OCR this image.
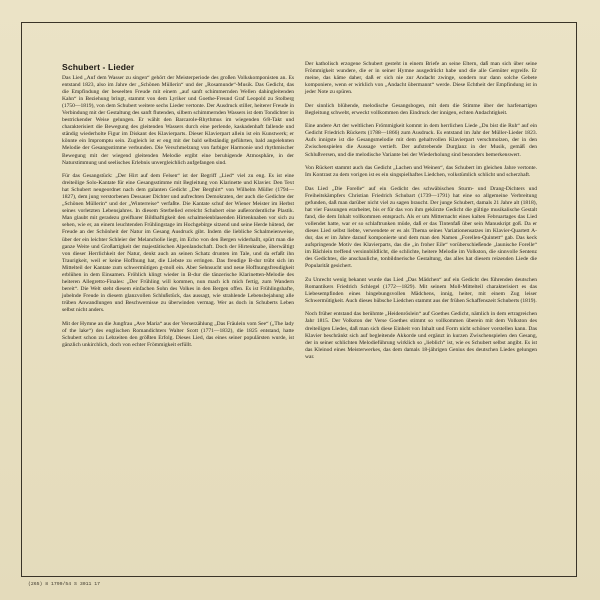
Schubert - Lieder

Das Lied „Auf dem Wasser zu singen“ gehört der Meisterperiode des großen Volkskomponisten an. Es entstand 1823, also im Jahre der „Schönen Müllerin“ und der „Rosamunde“-Musik. Das Gedicht, das die Empfindung der beseelten Freude mit einem „auf sanft schimmernden Wellen dahingleitenden Kahn“ in Beziehung bringt, stammt von dem Lyriker und Goethe-Freund Graf Leopold zu Stolberg (1750—1819), von dem Schubert weitere sechs Lieder vertonte. Der Ausdruck stiller, heiterer Freude in Verbindung mit der Gestaltung des sanft flutenden, silbern schimmernden Wassers ist dem Tondichter in bestrickender Weise gelungen. Er wählt den Barcarole-Rhythmus im wiegenden 6/8-Takt und charakterisiert die Bewegung des gleitenden Wassers durch eine perlende, kaskadenhaft fallende und ständig wiederholte Figur im Diskant des Klavierparts. Dieser Klavierpart allein ist ein Kunstwerk; er könnte ein Impromptu sein. Zugleich ist er eng mit der bald selbständig geführten, bald angelehnten Melodie der Gesangsstimme verbunden. Die Verschmelzung von farbiger Harmonie und rhythmischer Bewegung mit der wiegend gleitenden Melodie ergibt eine beruhigende Atmosphäre, in der Naturstimmung und seelisches Erlebnis unvergleichlich aufgefangen sind.

Für das Gesangstück: „Der Hirt auf dem Felsen“ ist der Begriff „Lied“ viel zu eng. Es ist eine dreiteilige Solo-Kantate für eine Gesangsstimme mit Begleitung von Klarinette und Klavier. Den Text hat Schubert neugeordnet nach dem galanten Gedicht „Der Berghirt“ von Wilhelm Müller (1794—1827), dem jung verstorbenen Dessauer Dichter und aufrechten Demokraten, der auch die Gedichte der „Schönen Müllerin“ und der „Winterreise“ verfaßte. Die Kantate schuf der Wiener Meister im Herbst seines vorletzten Lebensjahres. In diesem Sterbelied erreicht Schubert eine außerordentliche Plastik. Man glaubt mit geradezu greifbarer Bildhaftigkeit den schalmeienblasenden Hirtenknaben vor sich zu sehen, wie er, an einem leuchtenden Frühlingstage im Hochgebirge sitzend und seine Herde hütend, der Freude an der Schönheit der Natur im Gesang Ausdruck gibt. Indem die liebliche Schalmeienweise, über der ein leichter Schleier der Melancholie liegt, im Echo von den Bergen widerhallt, spürt man die ganze Weite und Großartigkeit der majestätischen Alpenlandschaft. Doch der Hirtenknabe, überwältigt von dieser Herrlichkeit der Natur, denkt auch an seinen Schatz drunten im Tale, und da erfaßt ihn Traurigkeit, weil er keine Hoffnung hat, die Liebste zu erringen. Das freudige B-dur trübt sich im Mittelteil der Kantate zum schwermütigen g-moll ein. Aber Sehnsucht und neue Hoffnungsfreudigkeit erblühen in dem Einsamen. Fröhlich klingt wieder in B-dur die tänzerische Klarinetten-Melodie des heiteren Allegretto-Finales: „Der Frühling will kommen, nun mach ich mich fertig, zum Wandern bereit“. Die Welt steht diesem einfachen Sohn des Volkes in den Bergen offen. Es ist Frühlingshafte, jubelnde Freude in diesem glanzvollen Schlußstück, das aussagt, wie strahlende Lebensbejahung alle trüben Anwandlungen und Beschwernisse zu überwinden vermag. Wer as doch in Schuberts Leben selbst nicht anders.

Mit der Hymne an die Jungfrau „Ave Maria“ aus der Verserzählung „Das Fräulein vom See“ („The lady of the lake“) des englischen Romandichters Walter Scott (1771—1832), die 1825 entstand, hatte Schubert schon zu Lebzeiten den größten Erfolg. Dieses Lied, das eines seiner populärsten wurde, ist gänzlich unkirchlich, doch von echter Frömmigkeit erfüllt.

Der katholisch erzogene Schubert gesteht in einem Briefe an seine Eltern, daß man sich über seine Frömmigkeit wundere, die er in seiner Hymne ausgedrückt habe und die alle Gemüter ergreife. Er meine, das käme daher, daß er sich nie zur Andacht zwinge, sondern nur dann solche Gebete komponiere, wenn er wirklich von „Andacht übermannt“ werde. Diese Echtheit der Empfindung ist in jeder Note zu spüren.

Der sinnlich blühende, melodische Gesangsbogen, mit dem die Stimme über der harfenartigen Begleitung schwebt, erweckt vollkommen den Eindruck der innigen, echten Andachtigkeit.

Eine andere Art der weltlichen Frömmigkeit kommt in dem herrlichen Liede „Du bist die Ruh“ auf ein Gedicht Friedrich Rückerts (1788—1866) zum Ausdruck. Es entstand im Jahr der Müller-Lieder 1823. Aufs innigste ist die Gesangsmelodie mit dem gehaltvollen Klavierpart verschmolzen, der in den Zwischenspielen die Aussage vertieft. Der aufstrebende Durglanz in der Musik, gemäß den Schlußversen, und die melodische Variante bei der Wiederholung sind besonders bemerkenswert.

Von Rückert stammt auch das Gedicht „Lachen und Weinen“, das Schubert im gleichen Jahre vertonte. Im Kontrast zu dem vorigen ist es ein singspielhaftes Liedchen, volkstümlich schlicht und scherzhaft.

Das Lied „Die Forelle“ auf ein Gedicht des schwäbischen Sturm- und Drang-Dichters und Freiheitskämpfers Christian Friedrich Schubart (1739—1791) hat eine so allgemeine Verbreitung gefunden, daß man darüber nicht viel zu sagen braucht. Der junge Schubert, damals 21 Jahre alt (1818), hat vier Fassungen erarbeitet, bis er für das von ihm gekürzte Gedicht die gültige musikalische Gestalt fand, die dem Inhalt vollkommen entsprach. Als er um Mitternacht eines kalten Februartages das Lied vollendet hatte, war er so schlaftrunken müde, daß er das Tintenfaß über sein Manuskript goß. Da er dieses Lied selbst liebte, verwendete er es als Thema seines Variationensatzes im Klavier-Quartett A-dur, das er im Jahre darauf komponierte und dem man den Namen „Forellen-Quintett“ gab. Das keck aufspringende Motiv des Klavierparts, das die „in froher Eile“ vorüberschießende „launische Forelle“ im Bächlein treffend versinnbildlicht, die schlichte, heitere Melodie im Volkston, die sinnvolle Sentenz des Gedichtes, die anschauliche, tonbildnerische Gestaltung, das alles hat diesem reizenden Liede die Popularität gesichert.

Zu Unrecht wenig bekannt wurde das Lied „Das Mädchen“ auf ein Gedicht des führenden deutschen Romantikers Friedrich Schlegel (1772—1829). Mit seinem Moll-Mittelteil charakterisiert es das Liebesempfinden eines hingebungsvollen Mädchens, innig, heiter, mit einem Zug leiser Schwermütigkeit. Auch dieses hübsche Liedchen stammt aus der frühen Schaffenszeit Schuberts (1819).

Noch früher entstand das berühmte „Heidenröslein“ auf Goethes Gedicht, nämlich in dem ertragreichen Jahr 1815. Der Volkston der Verse Goethes stimmt so vollkommen überein mit dem Volkston des dreiteiligen Liedes, daß man sich diese Einheit von Inhalt und Form nicht schöner vorstellen kann. Das Klavier beschränkt sich auf begleitende Akkorde und ergänzt in kurzen Zwischenspielen den Gesang, der in seiner schlichten Melodieführung wirklich so „lieblich“ ist, wie es Schubert selbst angibt. Es ist das Kleinod eines Meisterwerkes, das dem damals 18-jährigen Genius des deutschen Liedes gelungen war.

(265) 8 1799/54 S 3011 17
